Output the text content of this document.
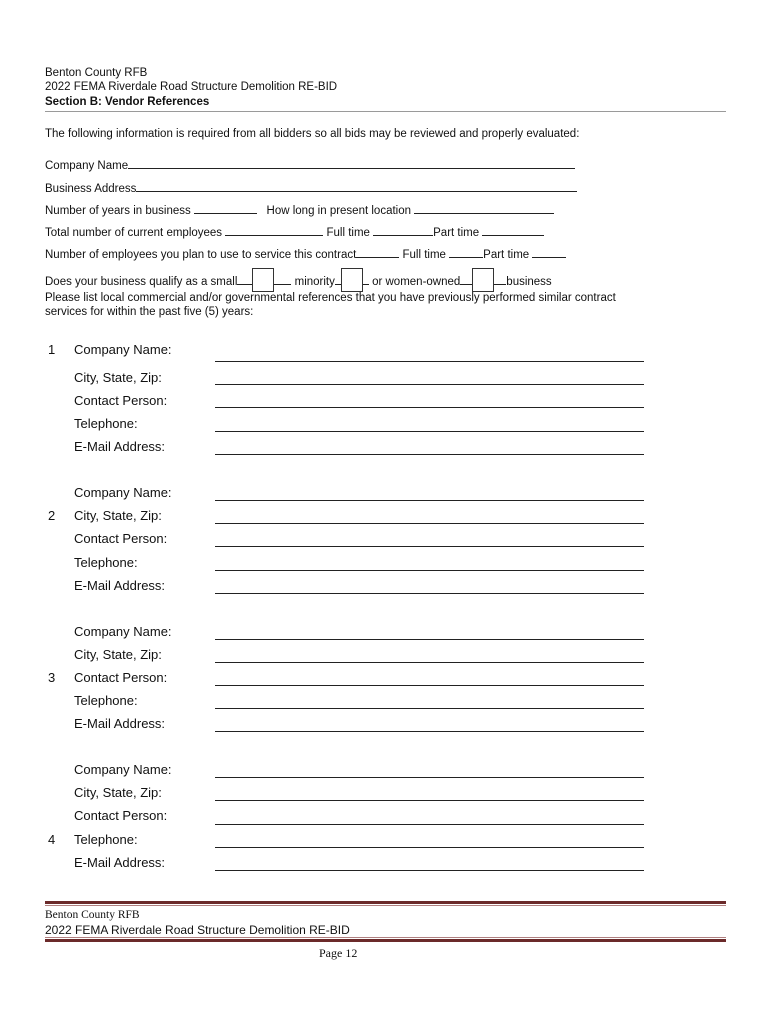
Benton County RFB
2022 FEMA Riverdale Road Structure Demolition RE-BID
Section B: Vendor References
The following information is required from all bidders so all bids may be reviewed and properly evaluated:
Company Name
Business Address
Number of years in business	How long in present location
Total number of current employees	Full time	Part time
Number of employees you plan to use to service this contract	Full time	Part time
Does your business qualify as a small	minority	or women-owned	business
Please list local commercial and/or governmental references that you have previously performed similar contract
services for within the past five (5) years:
1 Company Name:
City, State, Zip:
Contact Person:
Telephone:
E-Mail Address:
Company Name:
2 City, State, Zip:
Contact Person:
Telephone:
E-Mail Address:
Company Name:
City, State, Zip:
3 Contact Person:
Telephone:
E-Mail Address:
Company Name:
City, State, Zip:
Contact Person:
4 Telephone:
E-Mail Address:
Benton County RFB
2022 FEMA Riverdale Road Structure Demolition RE-BID
Page 12
